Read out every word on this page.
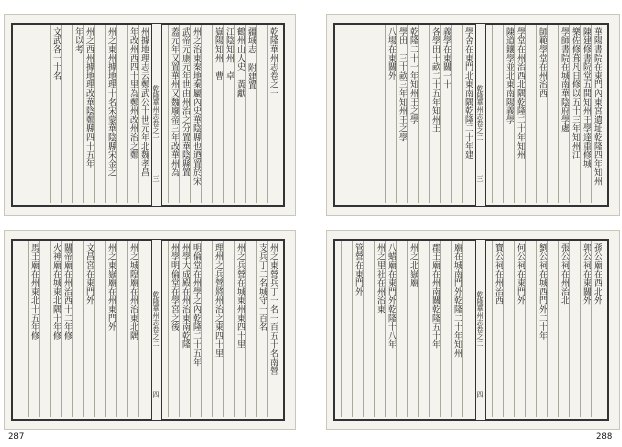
乾隆華州志卷之一
三
乾隆華州志卷之一
疆域志 附建置
鶴州山人史　黃獻
江陰知州　卓
嶽陽知州　曹
州之治東秦地秦屬內史華陰縣也迺置於宋
武帝元康元年世由州治之分置華陰縣置
蓋元年又置華州又魏廢帝三年改華州為
州據地理志云鄭武公十世元年北魏孝昌
年改州西四十里為鄭州改州治之鄭
州之東州據地理十名宋蒙華陰縣宋金之
州之西州據地理改華陰鄭縣四十五年
年以考
文武各一十名
乾隆華州志卷之二
三	華陽書院在東門內東宮遺址乾隆四年知州
陳建修書院堂五間知州王學達重修城
樂佐修葺凡日修以五十三年知州江
學師書院在城南華陰府學處
師範學堂在州治西
學堂在州治西北隅乾隆二十年知州
陳道鑲學並北東南陽義學
學舍在東門北東南隅乾隆二十年建
義學在東關一十
各學田十畝二十五年知州王
乾隆二十一年知州王之學
學田　三十畝三年知州王之學
八場在東關外
乾隆華州志卷之二
四
州之東營兵丁一名一百五十名南營
支兵丁二名城守一百名
州之兵營在城東州東四十里
理州之兵營將州治之東四十里
明倫堂在州學之內乾隆二十五年
州學大成殿在州治東南乾隆
州學明倫堂在學宮之後
州之城隍廟在州治東北隅
州之東嶽廟在州東門外
文昌宮在東門外
關帝廟在州治西十二年修
火神廟在城東北隅十年修
馬王廟在州東北十五年修	乾隆華州志卷之二
四
孫公廟在西北外
郭公祠在東關外
張公祠在州治北
劉公祠在城西門外二十年
何公祠在東門外
寶公祠在州治西
廟在城南門外乾隆二十年知州
郡王廟在州南關乾隆五十年
州之北嶽廟
八蜡廟在東門外乾隆十八年
州之里社在州治東
管營在東門外
287	288
